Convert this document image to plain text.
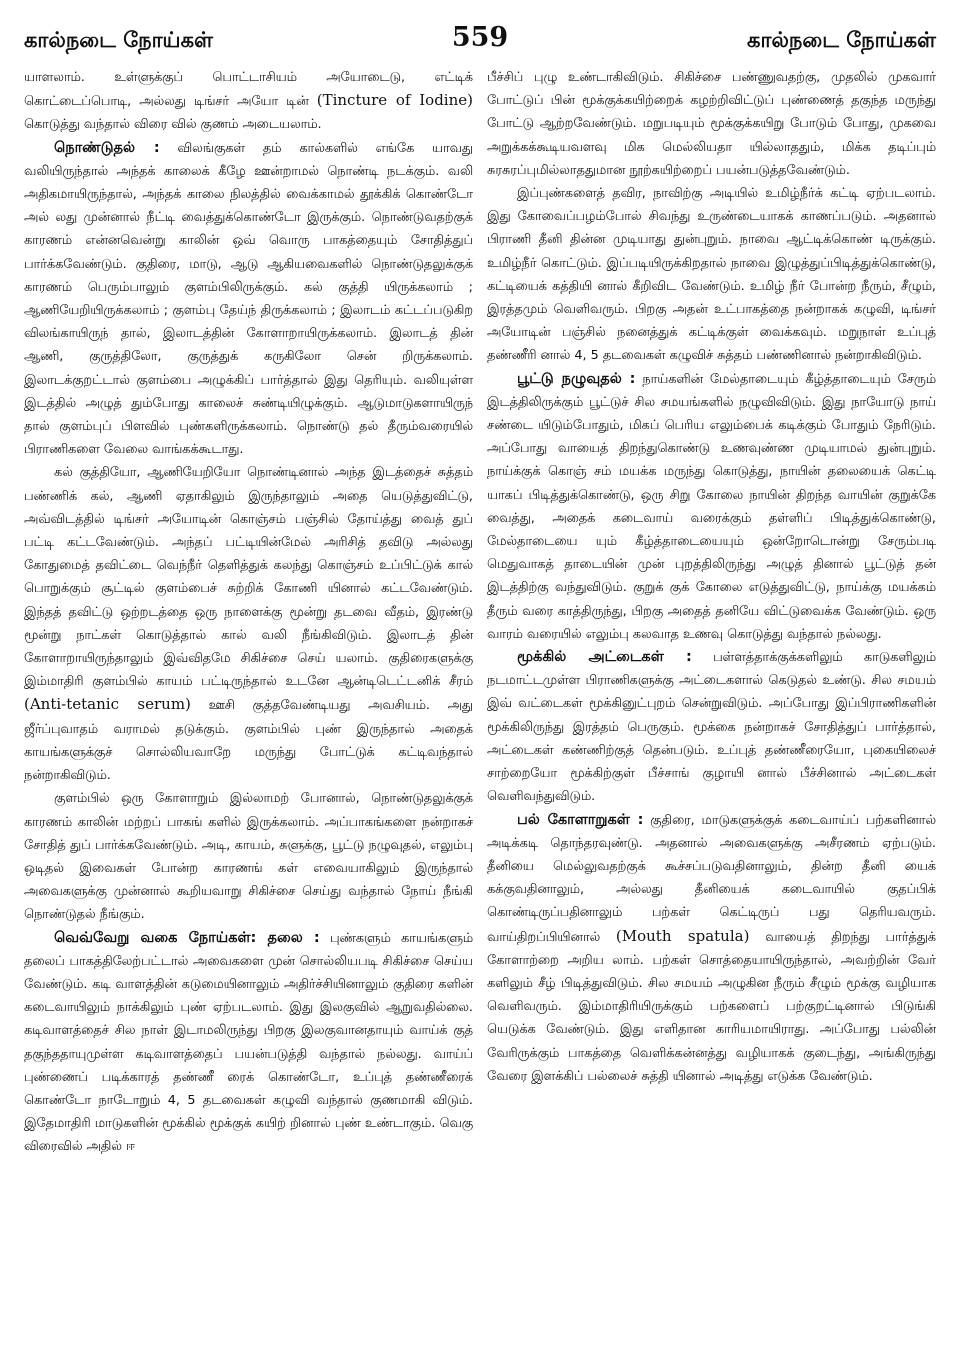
கால்நடை நோய்கள்	559	கால்நடை நோய்கள்

யாளலாம். உள்ளுக்குப் பொட்டாசியம் அயோடைடு, எட்டிக் கொட்டைப்பொடி, அல்லது டிங்சர் அயோ டின் (Tincture of Iodine) கொடுத்து வந்தால் விரை வில் குணம் அடையலாம்.

நொண்டுதல் : விலங்குகள் தம் கால்களில் எங்கே யாவது வலியிருந்தால் அந்தக் காலைக் கீழே ஊன்றாமல் நொண்டி நடக்கும். வலி அதிகமாயிருந்தால், அந்தக் காலை நிலத்தில் வைக்காமல் தூக்கிக் கொண்டோ அல் லது முன்னால் நீட்டி வைத்துக்கொண்டோ இருக்கும். நொண்டுவதற்குக் காரணம் என்னவென்று காலின் ஒவ் வொரு பாகத்தையும் சோதித்துப் பார்க்கவேண்டும். குதிரை, மாடு, ஆடு ஆகியவைகளில் நொண்டுதலுக்குக் காரணம் பெரும்பாலும் குளம்பிலிருக்கும். கல் குத்தி யிருக்கலாம் ; ஆணியேறியிருக்கலாம் ; குளம்பு தேய்ந் திருக்கலாம் ; இலாடம் கட்டப்படுகிற விலங்காயிருந் தால், இலாடத்தின் கோளாறாயிருக்கலாம். இலாடத் தின் ஆணி, குருத்திலோ, குருத்துக் கருகிலோ சென் றிருக்கலாம். இலாடக்குறட்டால் குளம்பை அழுக்கிப் பார்த்தால் இது தெரியும். வலியுள்ள இடத்தில் அழுத் தும்போது காலைச் சுண்டியிழுக்கும். ஆடுமாடுகளாயிருந் தால் குளம்புப் பிளவில் புண்களிருக்கலாம். நொண்டு தல் தீரும்வரையில் பிராணிகளை வேலை வாங்கக்கூடாது.

கல் குத்தியோ, ஆணியேறியோ நொண்டினால் அந்த இடத்தைச் சுத்தம் பண்ணிக் கல், ஆணி ஏதாகிலும் இருந்தாலும் அதை யெடுத்துவிட்டு, அவ்விடத்தில் டிங்சர் அயோடின் கொஞ்சம் பஞ்சில் தோய்த்து வைத் துப் பட்டி கட்டவேண்டும். அந்தப் பட்டியின்மேல் அரிசித் தவிடு அல்லது கோதுமைத் தவிட்டை வெந்நீர் தெளித்துக் கலந்து கொஞ்சம் உப்பிட்டுக் கால் பொறுக்கும் சூட்டில் குளம்பைச் சுற்றிக் கோணி யினால் கட்டவேண்டும். இந்தத் தவிட்டு ஒற்றடத்தை ஒரு நாளைக்கு மூன்று தடவை வீதம், இரண்டு மூன்று நாட்கள் கொடுத்தால் கால் வலி நீங்கிவிடும். இலாடத் தின் கோளாறாயிருந்தாலும் இவ்விதமே சிகிச்சை செய் யலாம். குதிரைகளுக்கு இம்மாதிரி குளம்பில் காயம் பட்டிருந்தால் உடனே ஆன்டிடெட்டனிக் சீரம் (Anti-tetanic serum) ஊசி குத்தவேண்டியது அவசியம். அது ஜீர்ப்புவாதம் வராமல் தடுக்கும். குளம்பில் புண் இருந்தால் அதைக் காயங்களுக்குச் சொல்லியவாறே மருந்து போட்டுக் கட்டிவந்தால் நன்றாகிவிடும்.

குளம்பில் ஒரு கோளாறும் இல்லாமற் போனால், நொண்டுதலுக்குக் காரணம் காலின் மற்றப் பாகங் களில் இருக்கலாம். அப்பாகங்களை நன்றாகச் சோதித் துப் பார்க்கவேண்டும். அடி, காயம், சுளுக்கு, பூட்டு நழுவுதல், எலும்பு ஒடிதல் இவைகள் போன்ற காரணங் கள் எவையாகிலும் இருந்தால் அவைகளுக்கு முன்னால் கூறியவாறு சிகிச்சை செய்து வந்தால் நோய் நீங்கி நொண்டுதல் நீங்கும்.

வெவ்வேறு வகை நோய்கள்: தலை : புண்களும் காயங்களும் தலைப் பாகத்திலேற்பட்டால் அவைகளை முன் சொல்லியபடி சிகிச்சை செய்ய வேண்டும். கடி வாளத்தின் கடுமையினாலும் அதிர்ச்சியினாலும் குதிரை களின் கடைவாயிலும் நாக்கிலும் புண் ஏற்படலாம். இது இலகுவில் ஆறுவதில்லை. கடிவாளத்தைச் சில நாள் இடாமலிருந்து பிறகு இலகுவானதாயும் வாய்க் குத் தகுந்ததாயுமுள்ள கடிவாளத்தைப் பயன்படுத்தி வந்தால் நல்லது. வாய்ப் புண்ணைப் படிக்காரத் தண்ணீ ரைக் கொண்டோ, உப்புத் தண்ணீரைக் கொண்டோ நாடோறும் 4, 5 தடவைகள் கழுவி வந்தால் குணமாகி விடும். இதேமாதிரி மாடுகளின் மூக்கில் மூக்குக் கயிற் றினால் புண் உண்டாகும். வெகு விரைவில் அதில் ஈ

பீச்சிப் புழு உண்டாகிவிடும். சிகிச்சை பண்ணுவதற்கு, முதலில் முகவார் போட்டுப் பின் மூக்குக்கயிற்றைக் கழற்றிவிட்டுப் புண்ணைத் தகுந்த மருந்து போட்டு ஆற்றவேண்டும். மறுபடியும் மூக்குக்கயிறு போடும் போது, முகவை அறுக்கக்கூடியவளவு மிக மெல்லியதா யில்லாததும், மிக்க தடிப்பும் சுரசுரப்புமில்லாததுமான நூற்கயிற்றைப் பயன்படுத்தவேண்டும்.

இப்புண்களைத் தவிர, நாவிற்கு அடியில் உமிழ்நீர்க் கட்டி ஏற்படலாம். இது கோவைப்பழம்போல் சிவந்து உருண்டையாகக் காணப்படும். அதனால் பிராணி தீனி தின்ன முடியாது துன்புறும். நாவை ஆட்டிக்கொண் டிருக்கும். உமிழ்நீர் கொட்டும். இப்படியிருக்கிறதால் நாவை இழுத்துப்பிடித்துக்கொண்டு, கட்டியைக் கத்தியி னால் கீறிவிட வேண்டும். உமிழ் நீர் போன்ற நீரும், சீழும், இரத்தமும் வெளிவரும். பிறகு அதன் உட்பாகத்தை நன்றாகக் கழுவி, டிங்சர் அயோடின் பஞ்சில் நனைத்துக் கட்டிக்குள் வைக்கவும். மறுநாள் உப்புத் தண்ணீரி னால் 4, 5 தடவைகள் கழுவிச் சுத்தம் பண்ணினால் நன்றாகிவிடும்.

பூட்டு நழுவுதல் : நாய்களின் மேல்தாடையும் கீழ்த்தாடையும் சேரும் இடத்திலிருக்கும் பூட்டுச் சில சமயங்களில் நழுவிவிடும். இது நாயோடு நாய் சண்டை யிடும்போதும், மிகப் பெரிய எலும்பைக் கடிக்கும் போதும் நேரிடும். அப்போது வாயைத் திறந்துகொண்டு உணவுண்ண முடியாமல் துன்புறும். நாய்க்குக் கொஞ் சம் மயக்க மருந்து கொடுத்து, நாயின் தலையைக் கெட்டி யாகப் பிடித்துக்கொண்டு, ஒரு சிறு கோலை நாயின் திறந்த வாயின் குறுக்கே வைத்து, அதைக் கடைவாய் வரைக்கும் தள்ளிப் பிடித்துக்கொண்டு, மேல்தாடையை யும் கீழ்த்தாடையையும் ஒன்றோடொன்று சேரும்படி மெதுவாகத் தாடையின் முன் புறத்திலிருந்து அழுத் தினால் பூட்டுத் தன் இடத்திற்கு வந்துவிடும். குறுக் குக் கோலை எடுத்துவிட்டு, நாய்க்கு மயக்கம் தீரும் வரை காத்திருந்து, பிறகு அதைத் தனியே விட்டுவைக்க வேண்டும். ஒரு வாரம் வரையில் எலும்பு கலவாத உணவு கொடுத்து வந்தால் நல்லது.

மூக்கில் அட்டைகள் : பள்ளத்தாக்குக்களிலும் காடுகளிலும் நடமாட்டமுள்ள பிராணிகளுக்கு அட்டைகளால் கெடுதல் உண்டு. சில சமயம் இவ் வட்டைகள் மூக்கினுட்புறம் சென்றுவிடும். அப்போது இப்பிராணிகளின் மூக்கிலிருந்து இரத்தம் பெருகும். மூக்கை நன்றாகச் சோதித்துப் பார்த்தால், அட்டைகள் கண்ணிற்குத் தென்படும். உப்புத் தண்ணீரையோ, புகையிலைச் சாற்றையோ மூக்கிற்குள் பீச்சாங் குழாயி னால் பீச்சினால் அட்டைகள் வெளிவந்துவிடும்.

பல் கோளாறுகள் : குதிரை, மாடுகளுக்குக் கடைவாய்ப் பற்களினால் அடிக்கடி தொந்தரவுண்டு. அதனால் அவைகளுக்கு அசீரணம் ஏற்படும். தீனியை மெல்லுவதற்குக் கூச்சப்படுவதினாலும், தின்ற தீனி யைக் கக்குவதினாலும், அல்லது தீனியைக் கடைவாயில் குதப்பிக் கொண்டிருப்பதினாலும் பற்கள் கெட்டிருப் பது தெரியவரும். வாய்திறப்பியினால் (Mouth spatula) வாயைத் திறந்து பார்த்துக் கோளாற்றை அறிய லாம். பற்கள் சொத்தையாயிருந்தால், அவற்றின் வேர் களிலும் சீழ் பிடித்துவிடும். சில சமயம் அழுகின நீரும் சீழும் மூக்கு வழியாக வெளிவரும். இம்மாதிரியிருக்கும் பற்களைப் பற்குறட்டினால் பிடுங்கி யெடுக்க வேண்டும். இது எளிதான காரியமாயிராது. அப்போது பல்லின் வேரிருக்கும் பாகத்தை வெளிக்கன்னத்து வழியாகக் குடைந்து, அங்கிருந்து வேரை இளக்கிப் பல்லைச் சுத்தி யினால் அடித்து எடுக்க வேண்டும்.
